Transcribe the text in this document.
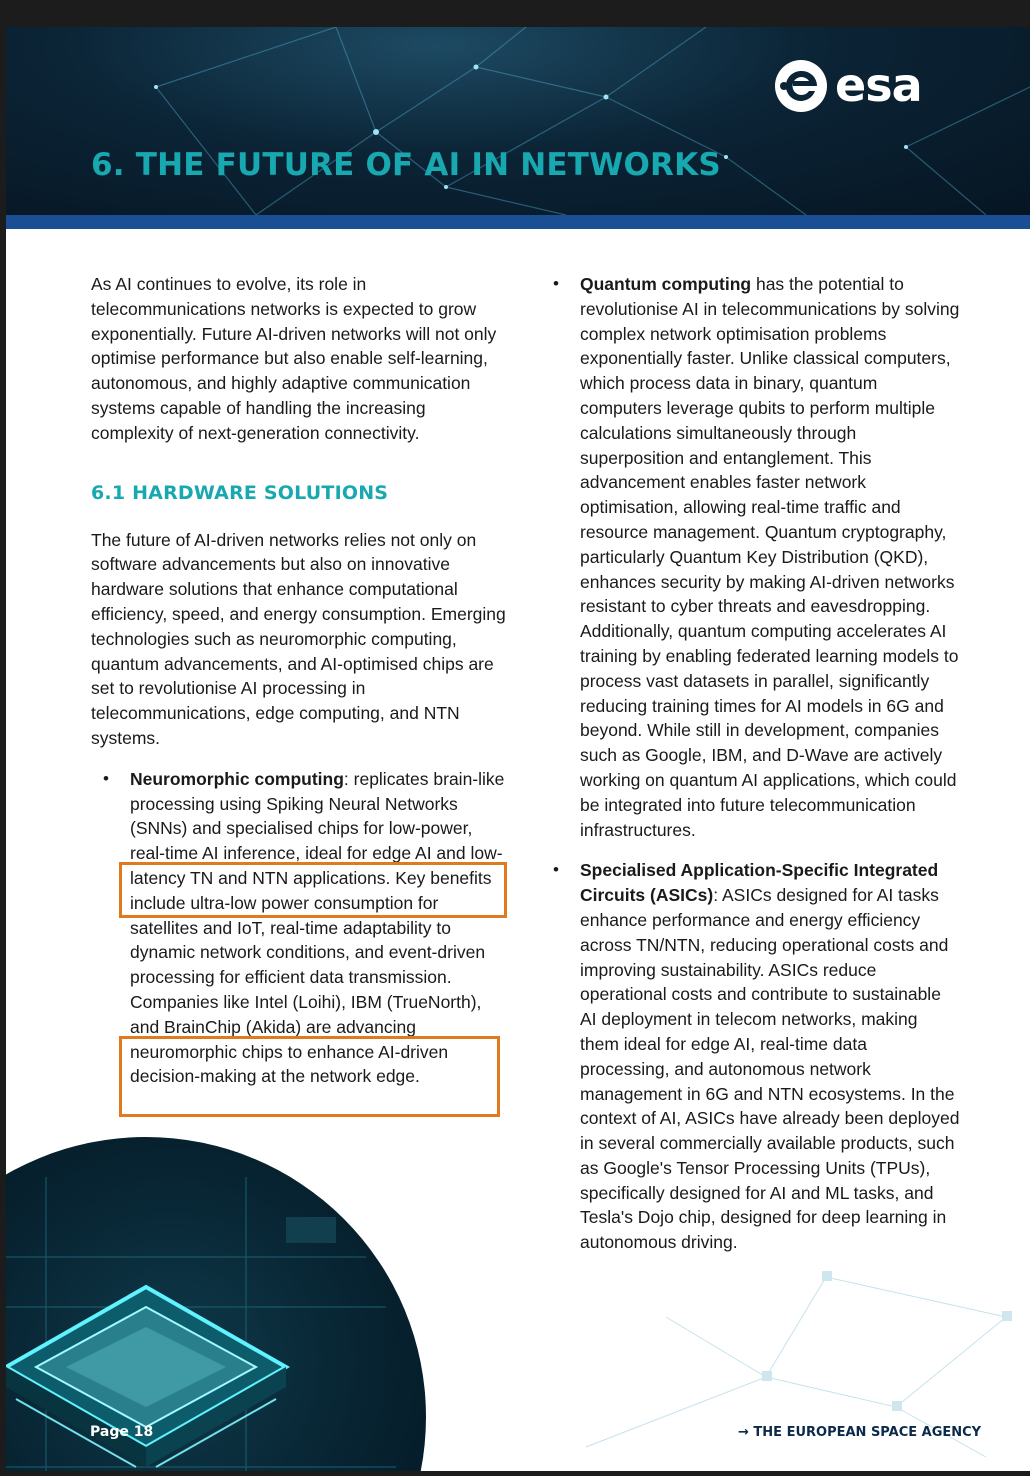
esa

6. THE FUTURE OF AI IN NETWORKS

As AI continues to evolve, its role in telecommunications networks is expected to grow exponentially. Future AI-driven networks will not only optimise performance but also enable self-learning, autonomous, and highly adaptive communication systems capable of handling the increasing complexity of next-generation connectivity.

6.1 HARDWARE SOLUTIONS

The future of AI-driven networks relies not only on software advancements but also on innovative hardware solutions that enhance computational efficiency, speed, and energy consumption. Emerging technologies such as neuromorphic computing, quantum advancements, and AI-optimised chips are set to revolutionise AI processing in telecommunications, edge computing, and NTN systems.

• Neuromorphic computing: replicates brain-like processing using Spiking Neural Networks (SNNs) and specialised chips for low-power, real-time AI inference, ideal for edge AI and low-latency TN and NTN applications. Key benefits include ultra-low power consumption for satellites and IoT, real-time adaptability to dynamic network conditions, and event-driven processing for efficient data transmission. Companies like Intel (Loihi), IBM (TrueNorth), and BrainChip (Akida) are advancing neuromorphic chips to enhance AI-driven decision-making at the network edge.

• Quantum computing has the potential to revolutionise AI in telecommunications by solving complex network optimisation problems exponentially faster. Unlike classical computers, which process data in binary, quantum computers leverage qubits to perform multiple calculations simultaneously through superposition and entanglement. This advancement enables faster network optimisation, allowing real-time traffic and resource management. Quantum cryptography, particularly Quantum Key Distribution (QKD), enhances security by making AI-driven networks resistant to cyber threats and eavesdropping. Additionally, quantum computing accelerates AI training by enabling federated learning models to process vast datasets in parallel, significantly reducing training times for AI models in 6G and beyond. While still in development, companies such as Google, IBM, and D-Wave are actively working on quantum AI applications, which could be integrated into future telecommunication infrastructures.

• Specialised Application-Specific Integrated Circuits (ASICs): ASICs designed for AI tasks enhance performance and energy efficiency across TN/NTN, reducing operational costs and improving sustainability. ASICs reduce operational costs and contribute to sustainable AI deployment in telecom networks, making them ideal for edge AI, real-time data processing, and autonomous network management in 6G and NTN ecosystems. In the context of AI, ASICs have already been deployed in several commercially available products, such as Google's Tensor Processing Units (TPUs), specifically designed for AI and ML tasks, and Tesla's Dojo chip, designed for deep learning in autonomous driving.

Page 18	→ THE EUROPEAN SPACE AGENCY
